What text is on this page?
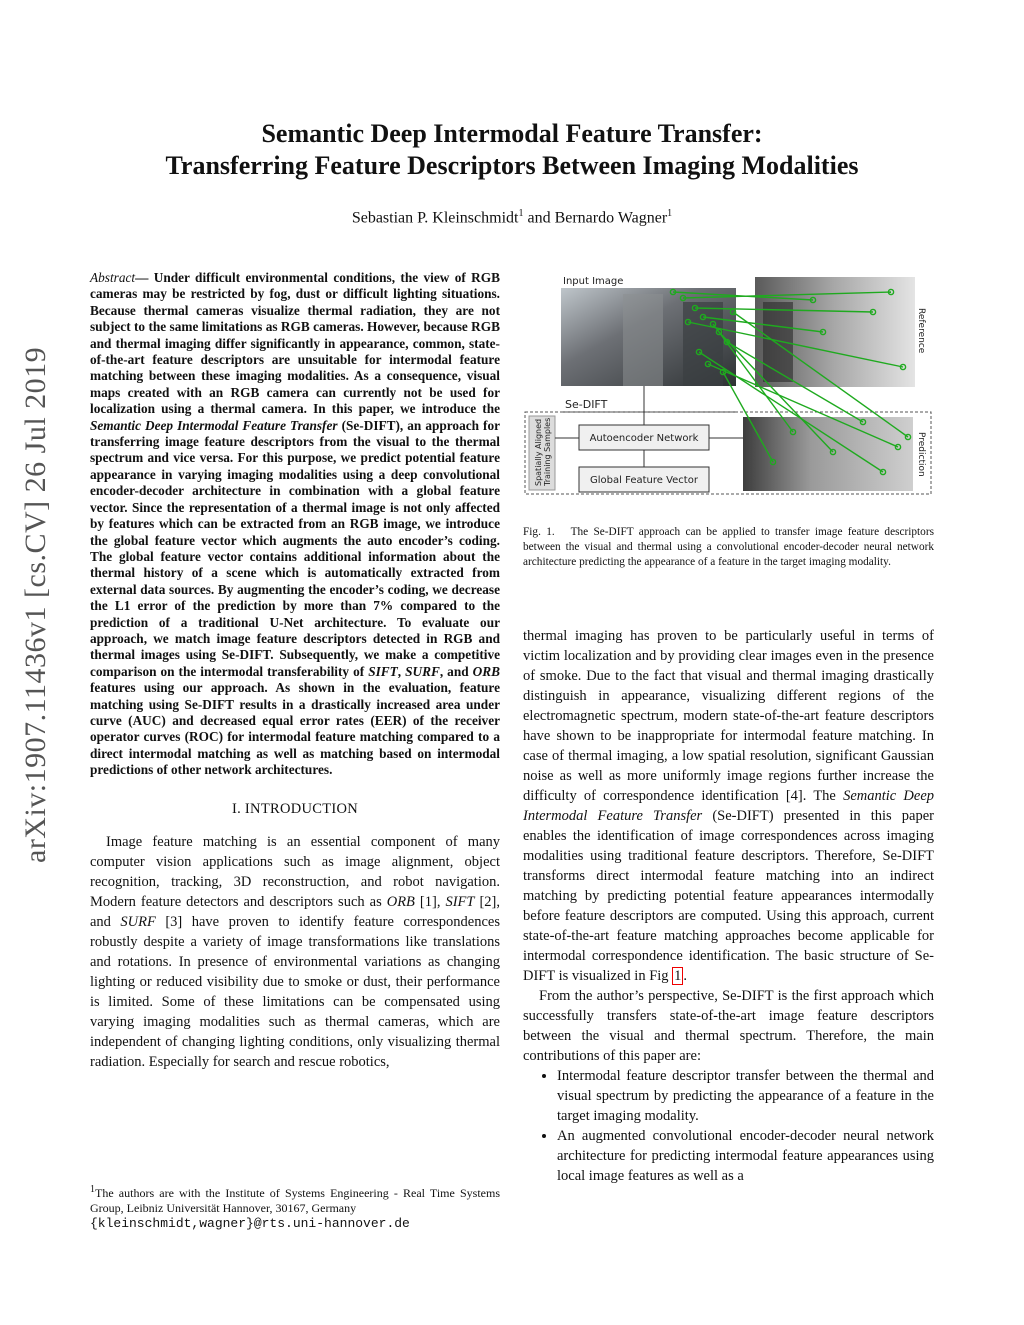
Semantic Deep Intermodal Feature Transfer:
Transferring Feature Descriptors Between Imaging Modalities
Sebastian P. Kleinschmidt$^1$ and Bernardo Wagner$^1$
arXiv:1907.11436v1 [cs.CV] 26 Jul 2019
Abstract— Under difficult environmental conditions, the view of RGB cameras may be restricted by fog, dust or difficult lighting situations. Because thermal cameras visualize thermal radiation, they are not subject to the same limitations as RGB cameras. However, because RGB and thermal imaging differ significantly in appearance, common, state-of-the-art feature descriptors are unsuitable for intermodal feature matching between these imaging modalities. As a consequence, visual maps created with an RGB camera can currently not be used for localization using a thermal camera. In this paper, we introduce the Semantic Deep Intermodal Feature Transfer (Se-DIFT), an approach for transferring image feature descriptors from the visual to the thermal spectrum and vice versa. For this purpose, we predict potential feature appearance in varying imaging modalities using a deep convolutional encoder-decoder architecture in combination with a global feature vector. Since the representation of a thermal image is not only affected by features which can be extracted from an RGB image, we introduce the global feature vector which augments the auto encoder’s coding. The global feature vector contains additional information about the thermal history of a scene which is automatically extracted from external data sources. By augmenting the encoder’s coding, we decrease the L1 error of the prediction by more than 7% compared to the prediction of a traditional U-Net architecture. To evaluate our approach, we match image feature descriptors detected in RGB and thermal images using Se-DIFT. Subsequently, we make a competitive comparison on the intermodal transferability of SIFT, SURF, and ORB features using our approach. As shown in the evaluation, feature matching using Se-DIFT results in a drastically increased area under curve (AUC) and decreased equal error rates (EER) of the receiver operator curves (ROC) for intermodal feature matching compared to a direct intermodal matching as well as matching based on intermodal predictions of other network architectures.
I. INTRODUCTION

Image feature matching is an essential component of many computer vision applications such as image alignment, object recognition, tracking, 3D reconstruction, and robot navigation. Modern feature detectors and descriptors such as ORB [1], SIFT [2], and SURF [3] have proven to identify feature correspondences robustly despite a variety of image transformations like translations and rotations. In presence of environmental variations as changing lighting or reduced visibility due to smoke or dust, their performance is limited. Some of these limitations can be compensated using varying imaging modalities such as thermal cameras, which are independent of changing lighting conditions, only visualizing thermal radiation. Especially for search and rescue robotics,

$^1$The authors are with the Institute of Systems Engineering - Real Time Systems Group, Leibniz Universität Hannover, 30167, Germany
{kleinschmidt,wagner}@rts.uni-hannover.de
Input Image
Reference
Se-DIFT
Spatially Aligned Training Samples	Autoencoder Network
Global Feature Vector
Prediction
Fig. 1. The Se-DIFT approach can be applied to transfer image feature descriptors between the visual and thermal using a convolutional encoder-decoder neural network architecture predicting the appearance of a feature in the target imaging modality.

thermal imaging has proven to be particularly useful in terms of victim localization and by providing clear images even in the presence of smoke. Due to the fact that visual and thermal imaging drastically distinguish in appearance, visualizing different regions of the electromagnetic spectrum, modern state-of-the-art feature descriptors have shown to be inappropriate for intermodal feature matching. In case of thermal imaging, a low spatial resolution, significant Gaussian noise as well as more uniformly image regions further increase the difficulty of correspondence identification [4]. The Semantic Deep Intermodal Feature Transfer (Se-DIFT) presented in this paper enables the identification of image correspondences across imaging modalities using traditional feature descriptors. Therefore, Se-DIFT transforms direct intermodal feature matching into an indirect matching by predicting potential feature appearances intermodally before feature descriptors are computed. Using this approach, current state-of-the-art feature matching approaches become applicable for intermodal correspondence identification. The basic structure of Se-DIFT is visualized in Fig 1 .

From the author’s perspective, Se-DIFT is the first approach which successfully transfers state-of-the-art image feature descriptors between the visual and thermal spectrum. Therefore, the main contributions of this paper are:

• Intermodal feature descriptor transfer between the thermal and visual spectrum by predicting the appearance of a feature in the target imaging modality.
• An augmented convolutional encoder-decoder neural network architecture for predicting intermodal feature appearances using local image features as well as a
